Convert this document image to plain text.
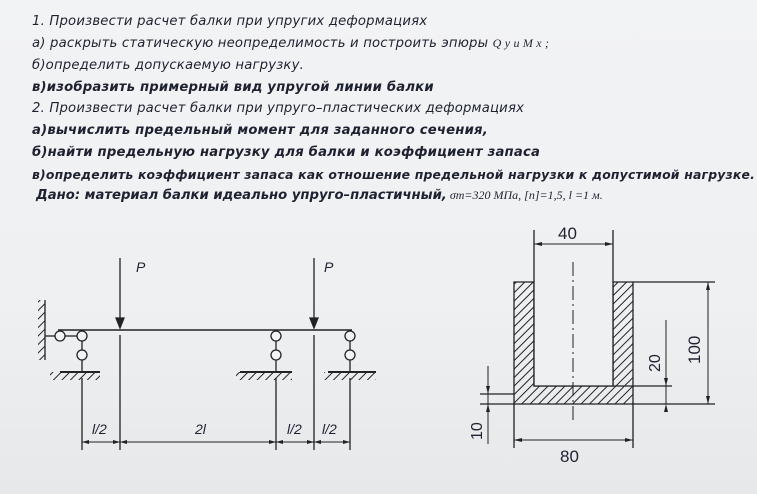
1. Произвести расчет балки при упругих деформациях
а) раскрыть статическую неопределимость и построить эпюры Q y и M x ;
б)определить допускаемую нагрузку.
в)изобразить примерный вид упругой линии балки
2. Произвести расчет балки при упруго–пластических деформациях
а)вычислить предельный момент для заданного сечения,
б)найти предельную нагрузку для балки и коэффициент запаса
в)определить коэффициент запаса как отношение предельной нагрузки к допустимой нагрузке.
Дано: материал балки идеально упруго–пластичный, σт=320 МПа, [n]=1,5, l =1 м.
P	P
l/2	2l	l/2 l/2
40
80
100
20
10
